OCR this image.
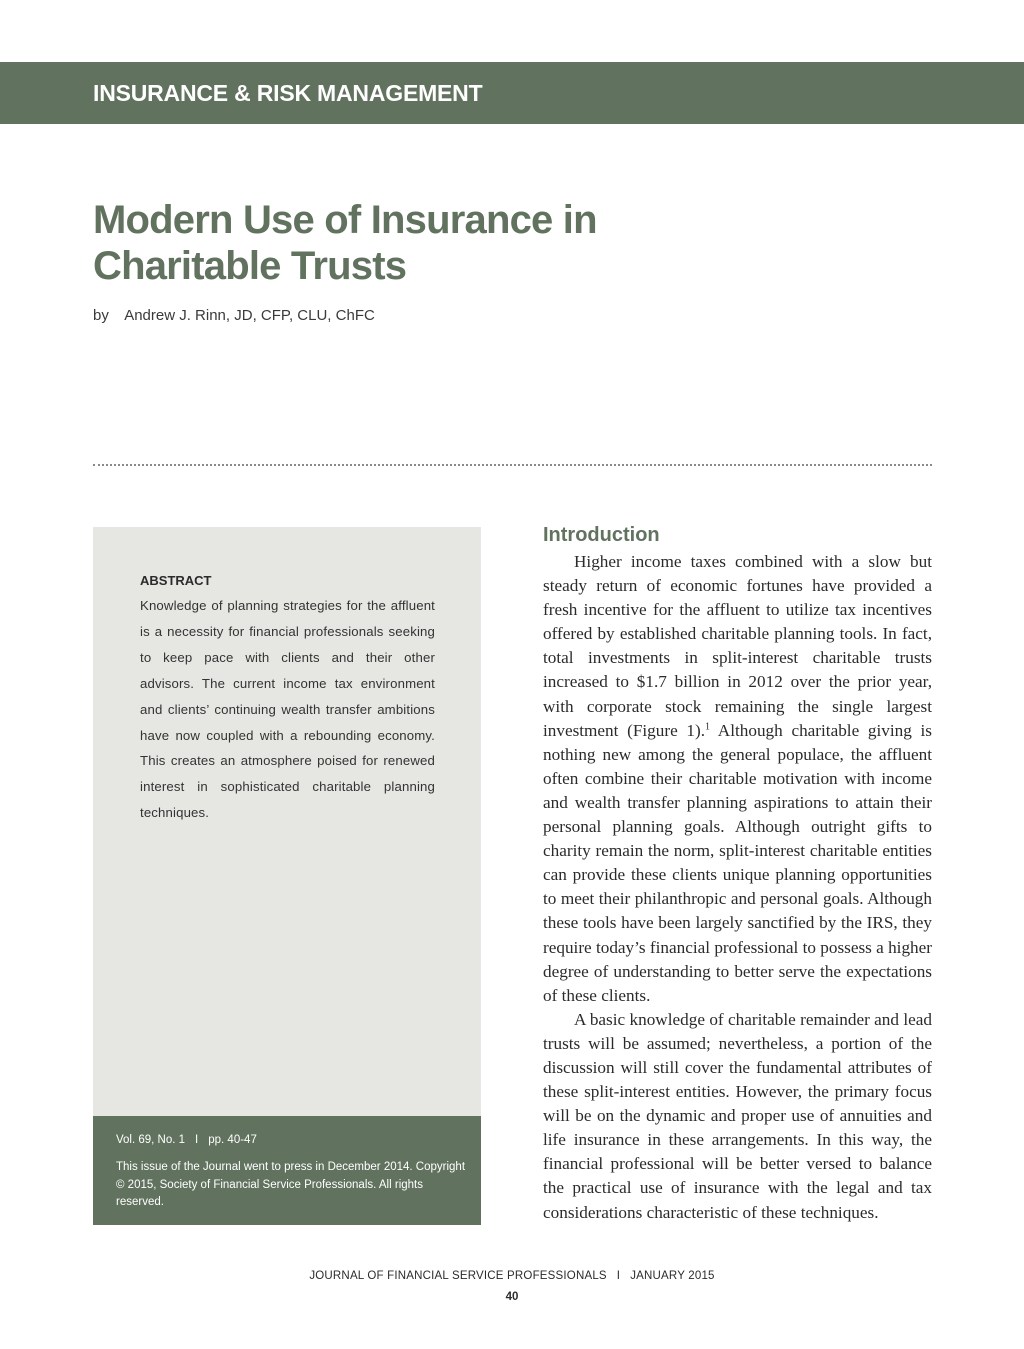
INSURANCE & RISK MANAGEMENT
Modern Use of Insurance in Charitable Trusts
by Andrew J. Rinn, JD, CFP, CLU, ChFC
ABSTRACT
Knowledge of planning strategies for the affluent is a necessity for financial professionals seeking to keep pace with clients and their other advisors. The current income tax environment and clients’ continuing wealth transfer ambitions have now coupled with a rebounding economy. This creates an atmosphere poised for renewed interest in sophisticated charitable planning techniques.
Vol. 69, No. 1 I pp. 40-47
This issue of the Journal went to press in December 2014. Copyright © 2015, Society of Financial Service Professionals. All rights reserved.
Introduction

Higher income taxes combined with a slow but steady return of economic fortunes have provided a fresh incentive for the affluent to utilize tax incentives offered by established charitable planning tools. In fact, total investments in split-interest charitable trusts increased to $1.7 billion in 2012 over the prior year, with corporate stock remaining the single largest investment (Figure 1).$^1$ Although charitable giving is nothing new among the general populace, the affluent often combine their charitable motivation with income and wealth transfer planning aspirations to attain their personal planning goals. Although outright gifts to charity remain the norm, split-interest charitable entities can provide these clients unique planning opportunities to meet their philanthropic and personal goals. Although these tools have been largely sanctified by the IRS, they require today’s financial professional to possess a higher degree of understanding to better serve the expectations of these clients.

A basic knowledge of charitable remainder and lead trusts will be assumed; nevertheless, a portion of the discussion will still cover the fundamental attributes of these split-interest entities. However, the primary focus will be on the dynamic and proper use of annuities and life insurance in these arrangements. In this way, the financial professional will be better versed to balance the practical use of insurance with the legal and tax considerations characteristic of these techniques.

JOURNAL OF FINANCIAL SERVICE PROFESSIONALS I JANUARY 2015
40
